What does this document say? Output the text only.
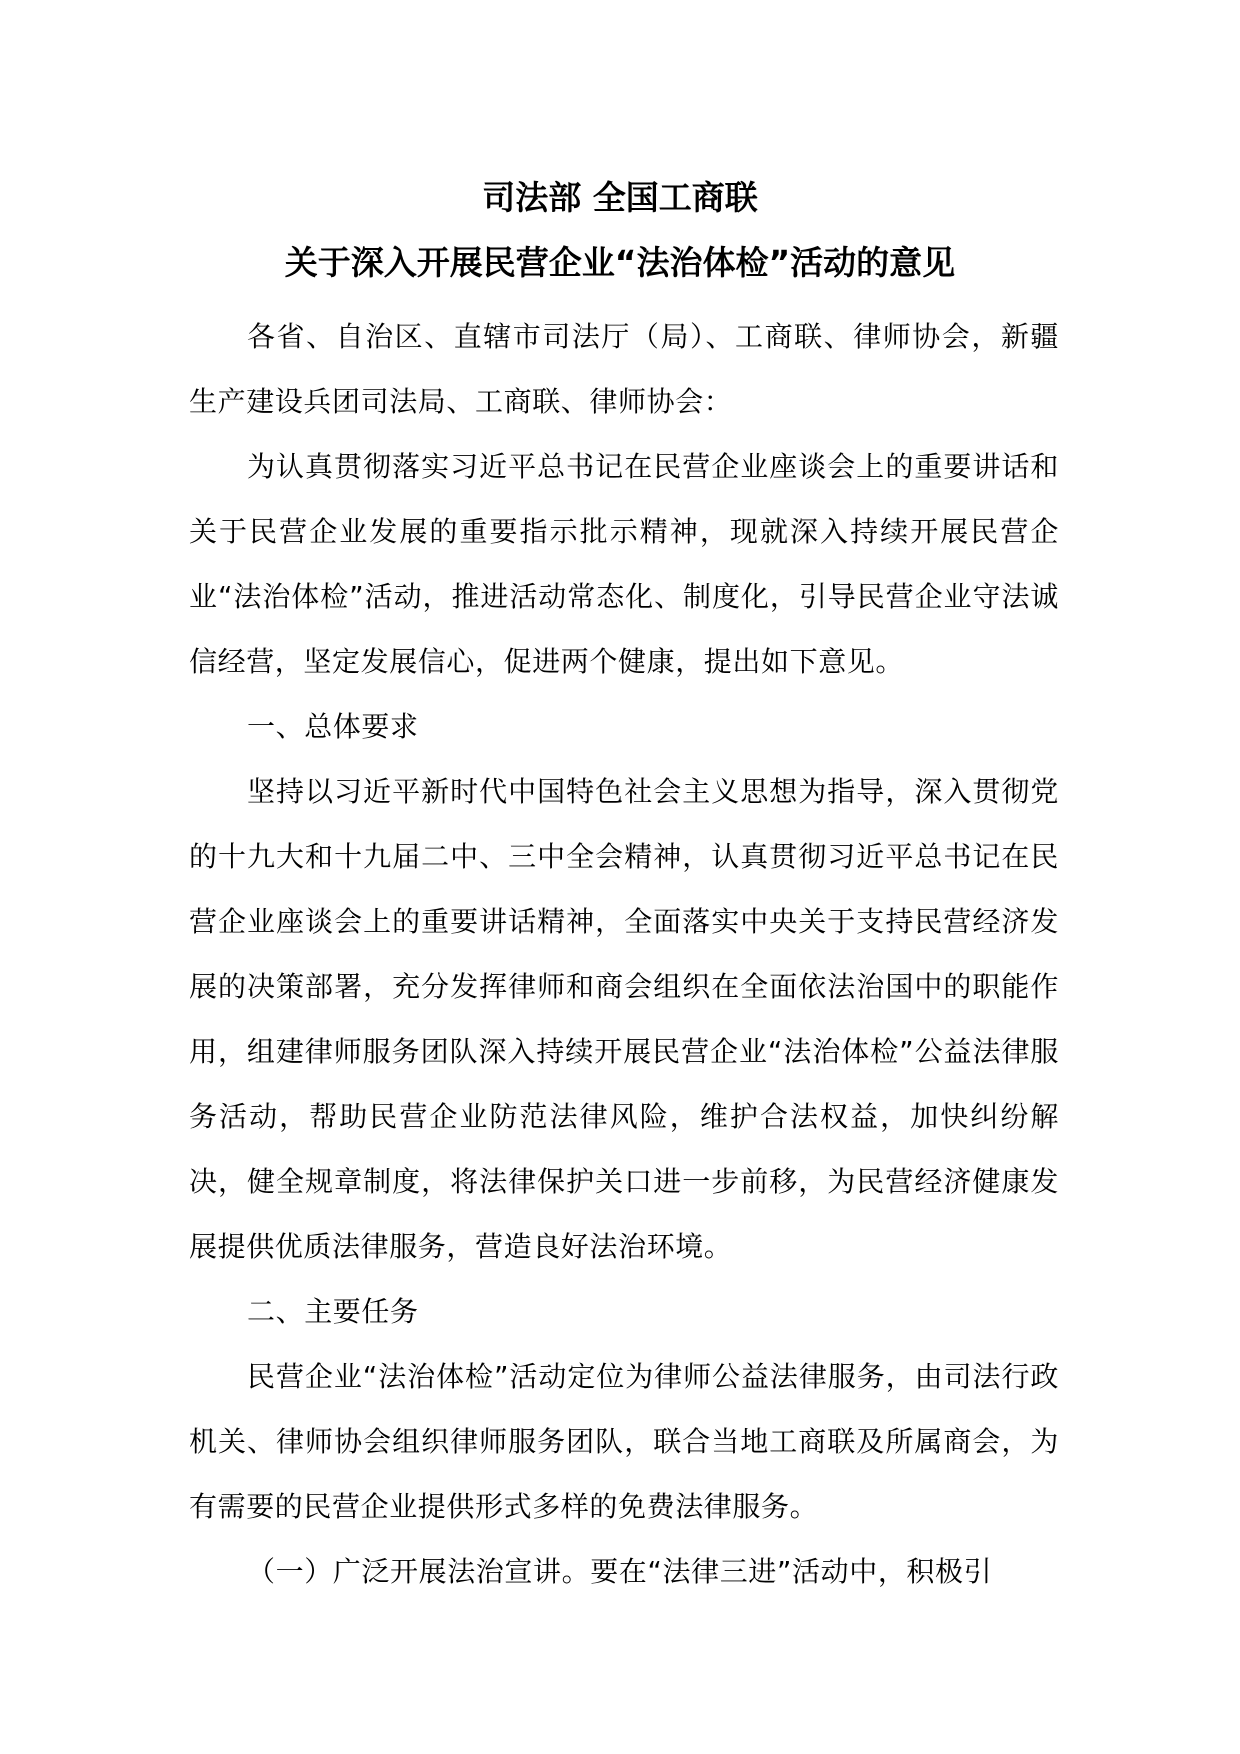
司法部 全国工商联
关于深入开展民营企业“法治体检”活动的意见

各省、自治区、直辖市司法厅（局）、工商联、律师协会，新疆生产建设兵团司法局、工商联、律师协会：

为认真贯彻落实习近平总书记在民营企业座谈会上的重要讲话和关于民营企业发展的重要指示批示精神，现就深入持续开展民营企业“法治体检”活动，推进活动常态化、制度化，引导民营企业守法诚信经营，坚定发展信心，促进两个健康，提出如下意见。

一、总体要求

坚持以习近平新时代中国特色社会主义思想为指导，深入贯彻党的十九大和十九届二中、三中全会精神，认真贯彻习近平总书记在民营企业座谈会上的重要讲话精神，全面落实中央关于支持民营经济发展的决策部署，充分发挥律师和商会组织在全面依法治国中的职能作用，组建律师服务团队深入持续开展民营企业“法治体检”公益法律服务活动，帮助民营企业防范法律风险，维护合法权益，加快纠纷解决，健全规章制度，将法律保护关口进一步前移，为民营经济健康发展提供优质法律服务，营造良好法治环境。

二、主要任务

民营企业“法治体检”活动定位为律师公益法律服务，由司法行政机关、律师协会组织律师服务团队，联合当地工商联及所属商会，为有需要的民营企业提供形式多样的免费法律服务。

（一）广泛开展法治宣讲。要在“法律三进”活动中，积极引
